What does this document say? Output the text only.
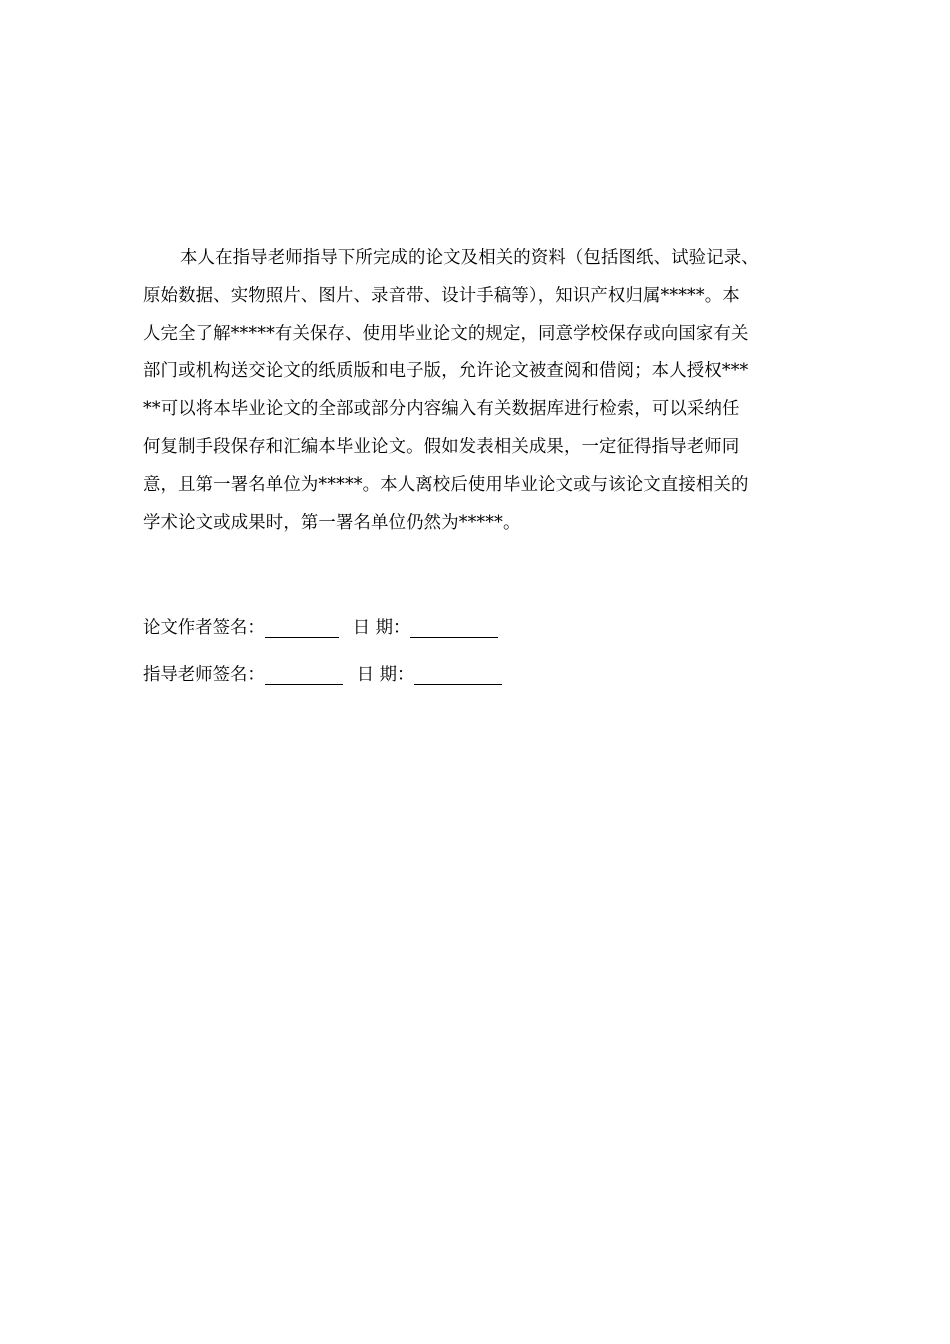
本人在指导老师指导下所完成的论文及相关的资料（包括图纸、试验记录、
原始数据、实物照片、图片、录音带、设计手稿等），知识产权归属*****。本
人完全了解*****有关保存、使用毕业论文的规定，同意学校保存或向国家有关
部门或机构送交论文的纸质版和电子版，允许论文被查阅和借阅；本人授权***
**可以将本毕业论文的全部或部分内容编入有关数据库进行检索，可以采纳任
何复制手段保存和汇编本毕业论文。假如发表相关成果，一定征得指导老师同
意，且第一署名单位为*****。本人离校后使用毕业论文或与该论文直接相关的
学术论文或成果时，第一署名单位仍然为*****。
论文作者签名：	日 期：
指导老师签名：	日 期：
